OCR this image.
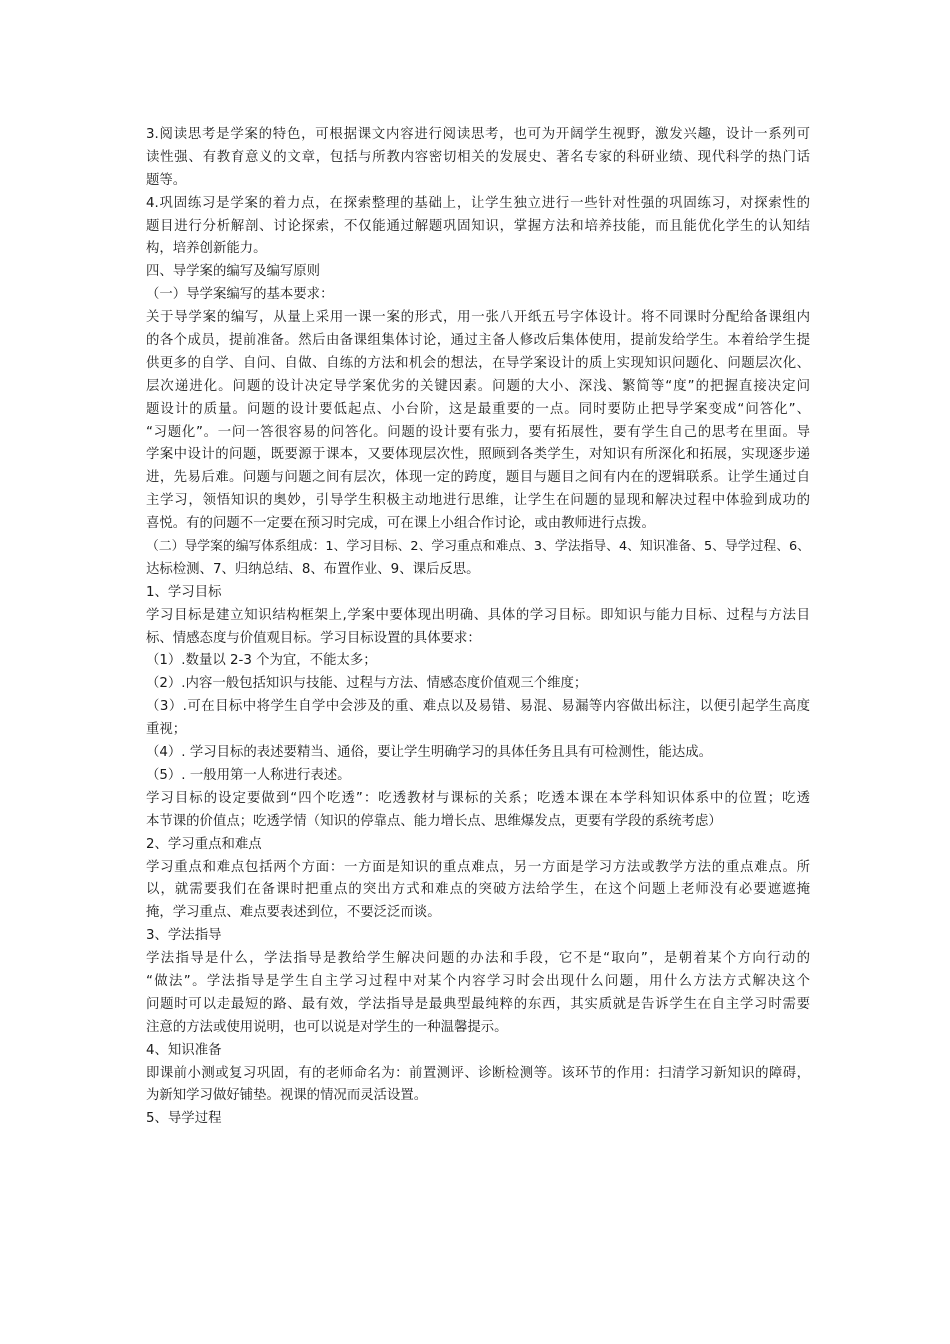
3.阅读思考是学案的特色，可根据课文内容进行阅读思考，也可为开阔学生视野，激发兴趣，设计一系列可
读性强、有教育意义的文章，包括与所教内容密切相关的发展史、著名专家的科研业绩、现代科学的热门话
题等。
4.巩固练习是学案的着力点，在探索整理的基础上，让学生独立进行一些针对性强的巩固练习，对探索性的
题目进行分析解剖、讨论探索，不仅能通过解题巩固知识，掌握方法和培养技能，而且能优化学生的认知结
构，培养创新能力。
四、导学案的编写及编写原则
（一）导学案编写的基本要求：
关于导学案的编写，从量上采用一课一案的形式，用一张八开纸五号字体设计。将不同课时分配给备课组内
的各个成员，提前准备。然后由备课组集体讨论，通过主备人修改后集体使用，提前发给学生。本着给学生提
供更多的自学、自问、自做、自练的方法和机会的想法，在导学案设计的质上实现知识问题化、问题层次化、
层次递进化。问题的设计决定导学案优劣的关键因素。问题的大小、深浅、繁简等“度”的把握直接决定问
题设计的质量。问题的设计要低起点、小台阶，这是最重要的一点。同时要防止把导学案变成“问答化”、
“习题化”。一问一答很容易的问答化。问题的设计要有张力，要有拓展性，要有学生自己的思考在里面。导
学案中设计的问题，既要源于课本，又要体现层次性，照顾到各类学生，对知识有所深化和拓展，实现逐步递
进，先易后难。问题与问题之间有层次，体现一定的跨度，题目与题目之间有内在的逻辑联系。让学生通过自
主学习，领悟知识的奥妙，引导学生积极主动地进行思维，让学生在问题的显现和解决过程中体验到成功的
喜悦。有的问题不一定要在预习时完成，可在课上小组合作讨论，或由教师进行点拨。
（二）导学案的编写体系组成：1、学习目标、2、学习重点和难点、3、学法指导、4、知识准备、5、导学过程、6、
达标检测、7、归纳总结、8、布置作业、9、课后反思。
1、学习目标
学习目标是建立知识结构框架上,学案中要体现出明确、具体的学习目标。即知识与能力目标、过程与方法目
标、情感态度与价值观目标。学习目标设置的具体要求：
（1）.数量以 2-3 个为宜，不能太多；
（2）.内容一般包括知识与技能、过程与方法、情感态度价值观三个维度；
（3）.可在目标中将学生自学中会涉及的重、难点以及易错、易混、易漏等内容做出标注，以便引起学生高度
重视；
（4）. 学习目标的表述要精当、通俗，要让学生明确学习的具体任务且具有可检测性，能达成。
（5）. 一般用第一人称进行表述。
学习目标的设定要做到“四个吃透”：吃透教材与课标的关系；吃透本课在本学科知识体系中的位置；吃透
本节课的价值点；吃透学情（知识的停靠点、能力增长点、思维爆发点，更要有学段的系统考虑）
2、学习重点和难点
学习重点和难点包括两个方面：一方面是知识的重点难点，另一方面是学习方法或教学方法的重点难点。所
以，就需要我们在备课时把重点的突出方式和难点的突破方法给学生，在这个问题上老师没有必要遮遮掩
掩，学习重点、难点要表述到位，不要泛泛而谈。
3、学法指导
学法指导是什么，学法指导是教给学生解决问题的办法和手段，它不是“取向”，是朝着某个方向行动的
“做法”。学法指导是学生自主学习过程中对某个内容学习时会出现什么问题，用什么方法方式解决这个
问题时可以走最短的路、最有效，学法指导是最典型最纯粹的东西，其实质就是告诉学生在自主学习时需要
注意的方法或使用说明，也可以说是对学生的一种温馨提示。
4、知识准备
即课前小测或复习巩固，有的老师命名为：前置测评、诊断检测等。该环节的作用：扫清学习新知识的障碍，
为新知学习做好铺垫。视课的情况而灵活设置。
5、导学过程
